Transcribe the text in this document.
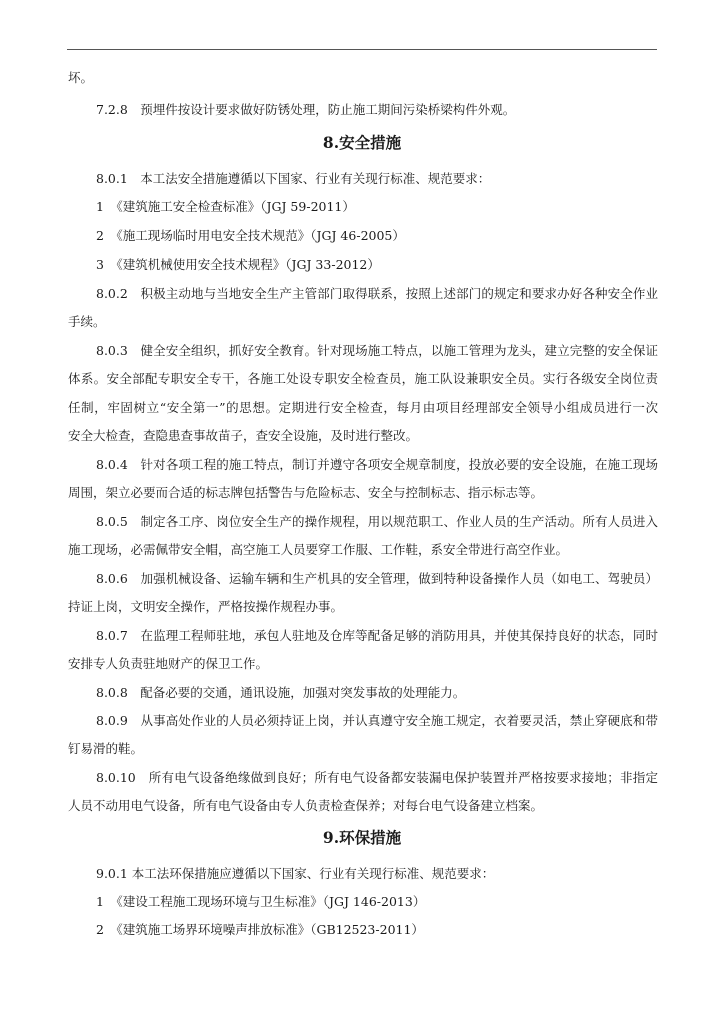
坏。
7.2.8　预埋件按设计要求做好防锈处理，防止施工期间污染桥梁构件外观。
8.安全措施
8.0.1　本工法安全措施遵循以下国家、行业有关现行标准、规范要求：
1　《建筑施工安全检查标准》（JGJ 59-2011）
2　《施工现场临时用电安全技术规范》（JGJ 46-2005）
3　《建筑机械使用安全技术规程》（JGJ 33-2012）
8.0.2　积极主动地与当地安全生产主管部门取得联系，按照上述部门的规定和要求办好各种安全作业
手续。
8.0.3　健全安全组织，抓好安全教育。针对现场施工特点，以施工管理为龙头，建立完整的安全保证
体系。安全部配专职安全专干，各施工处设专职安全检查员，施工队设兼职安全员。实行各级安全岗位责
任制，牢固树立“安全第一”的思想。定期进行安全检查，每月由项目经理部安全领导小组成员进行一次
安全大检查，查隐患查事故苗子，查安全设施，及时进行整改。
8.0.4　针对各项工程的施工特点，制订并遵守各项安全规章制度，投放必要的安全设施，在施工现场
周围，架立必要而合适的标志牌包括警告与危险标志、安全与控制标志、指示标志等。
8.0.5　制定各工序、岗位安全生产的操作规程，用以规范职工、作业人员的生产活动。所有人员进入
施工现场，必需佩带安全帽，高空施工人员要穿工作服、工作鞋，系安全带进行高空作业。
8.0.6　加强机械设备、运输车辆和生产机具的安全管理，做到特种设备操作人员（如电工、驾驶员）
持证上岗，文明安全操作，严格按操作规程办事。
8.0.7　在监理工程师驻地，承包人驻地及仓库等配备足够的消防用具，并使其保持良好的状态，同时
安排专人负责驻地财产的保卫工作。
8.0.8　配备必要的交通，通讯设施，加强对突发事故的处理能力。
8.0.9　从事高处作业的人员必须持证上岗，并认真遵守安全施工规定，衣着要灵活，禁止穿硬底和带
钉易滑的鞋。
8.0.10　所有电气设备绝缘做到良好；所有电气设备都安装漏电保护装置并严格按要求接地；非指定
人员不动用电气设备，所有电气设备由专人负责检查保养；对每台电气设备建立档案。
9.环保措施
9.0.1 本工法环保措施应遵循以下国家、行业有关现行标准、规范要求：
1　《建设工程施工现场环境与卫生标准》（JGJ 146-2013）
2　《建筑施工场界环境噪声排放标准》（GB12523-2011）
